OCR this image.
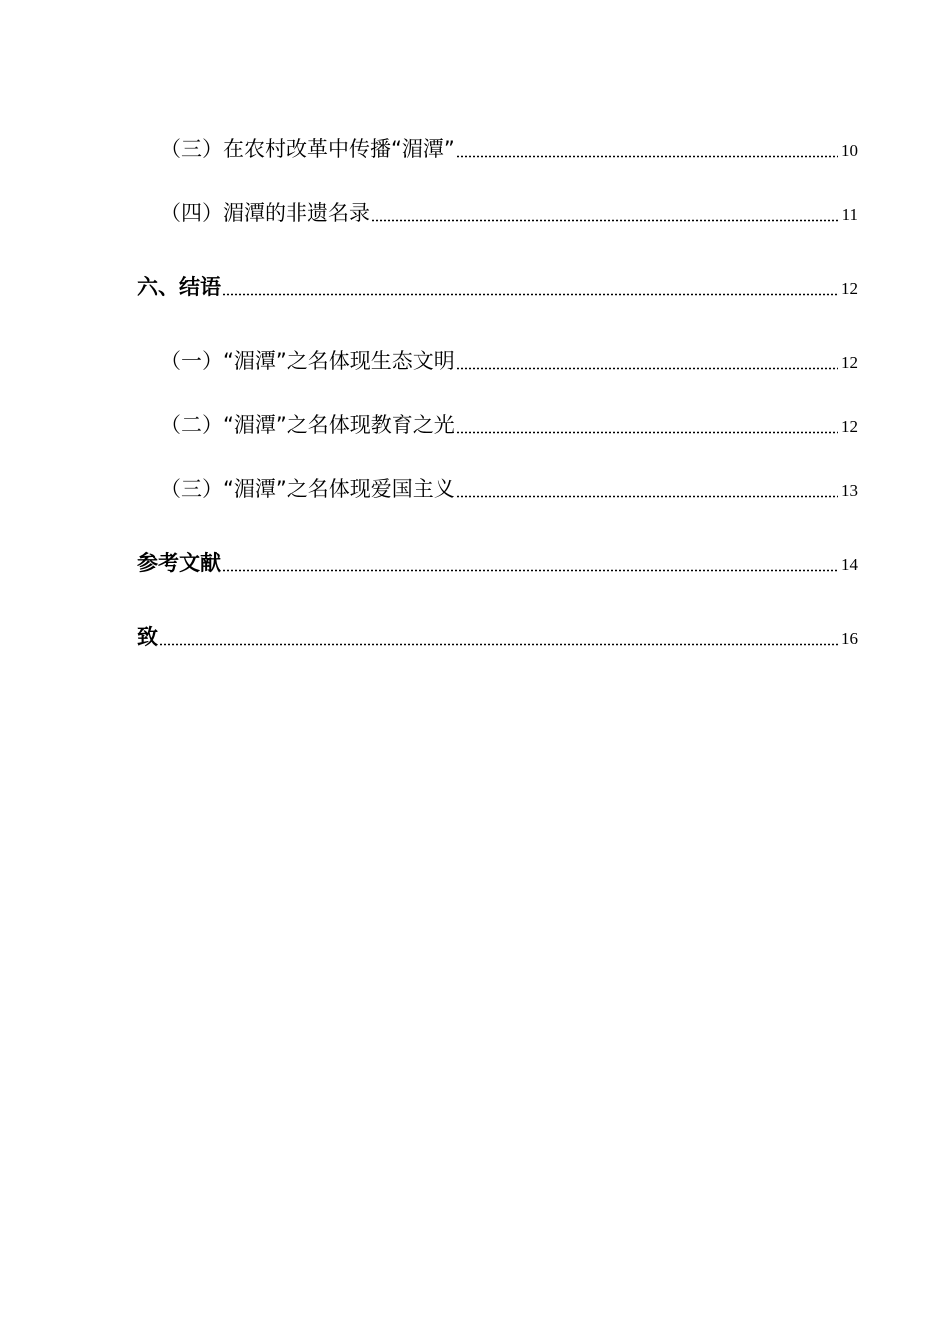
（三）在农村改革中传播“湄潭”	10
（四）湄潭的非遗名录	11
六、结语	12
（一）“湄潭”之名体现生态文明	12
（二）“湄潭”之名体现教育之光	12
（三）“湄潭”之名体现爱国主义	13
参考文献	14
致	16
